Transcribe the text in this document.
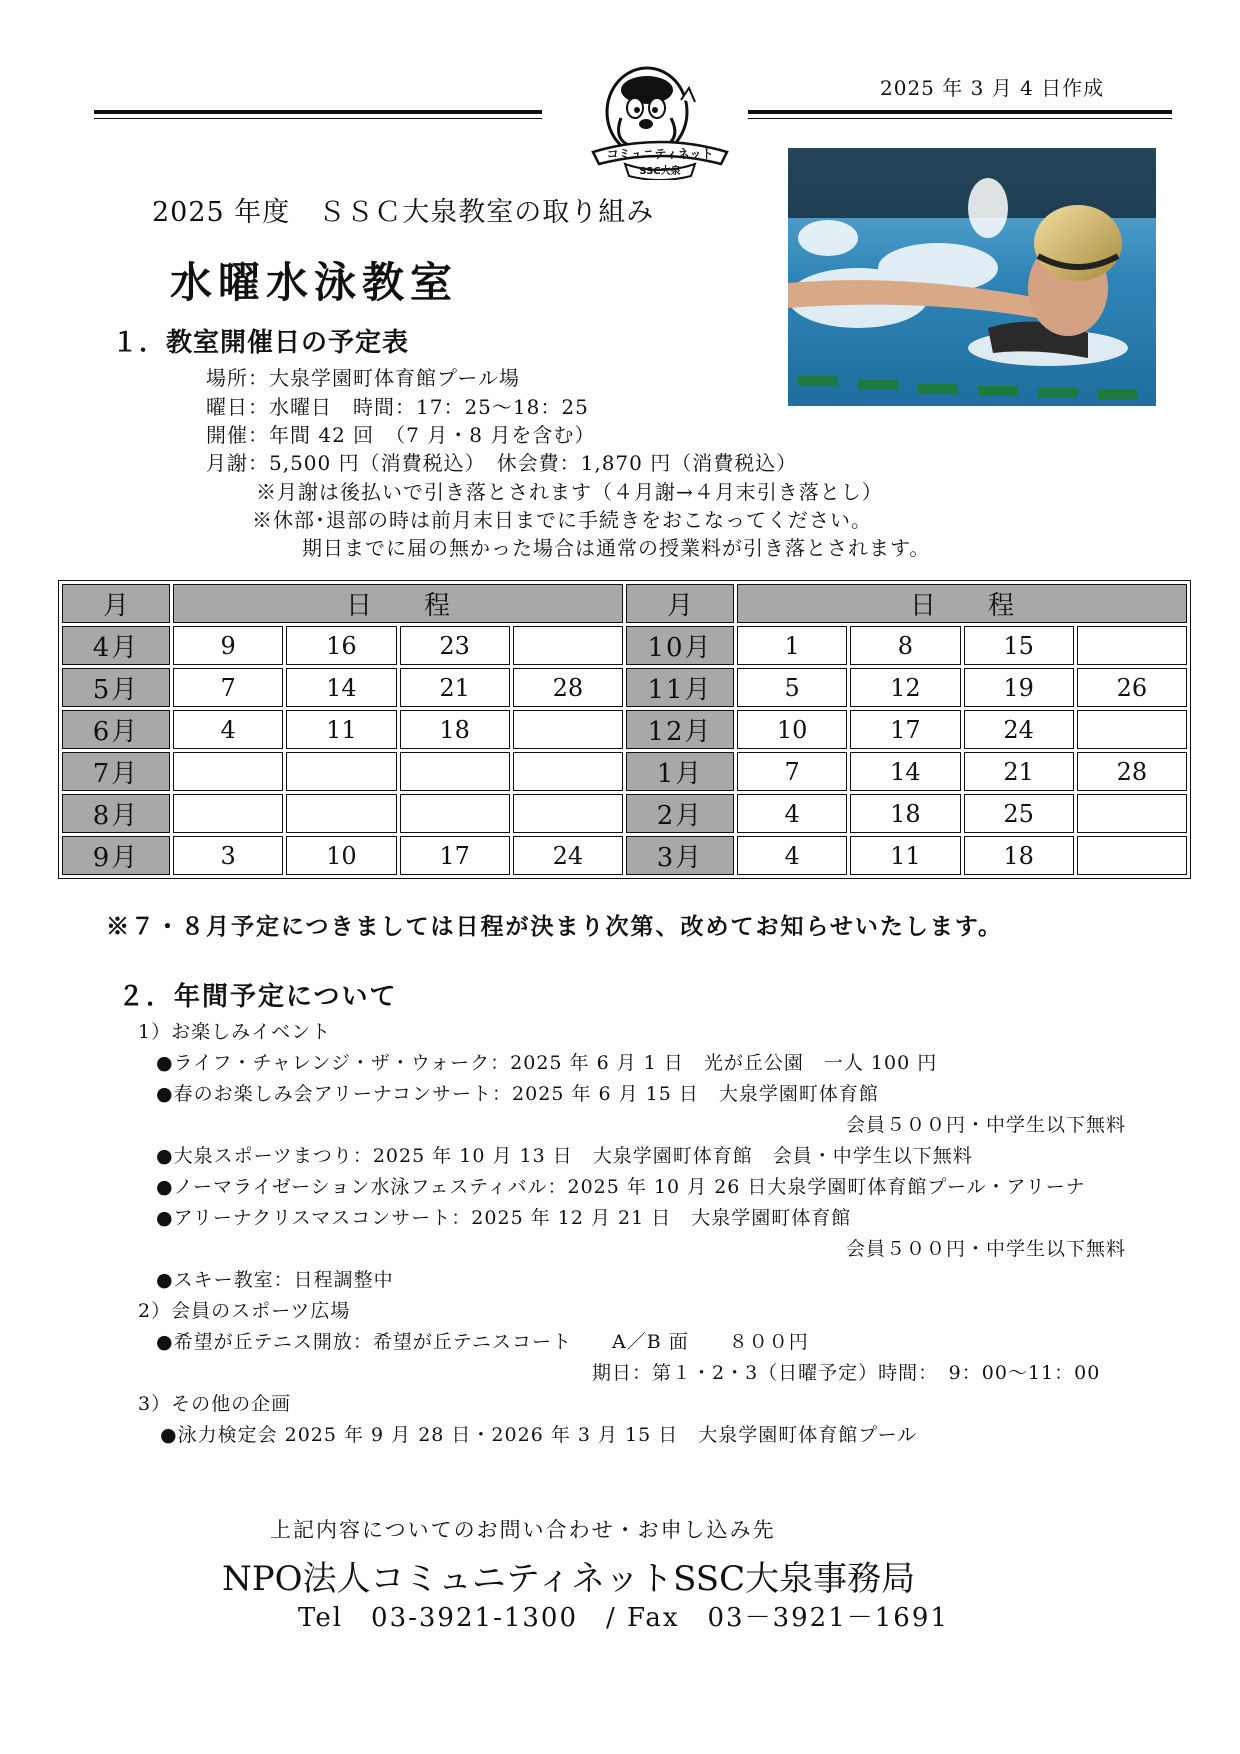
2025 年 3 月 4 日作成
コミュニティネット
SSC大泉
2025 年度　ＳＳＣ大泉教室の取り組み
水曜水泳教室
１．教室開催日の予定表
場所：大泉学園町体育館プール場
曜日：水曜日　時間：17：25～18：25
開催：年間 42 回　（7 月・8 月を含む）
月謝：5,500 円（消費税込）　休会費：1,870 円（消費税込）
※月謝は後払いで引き落とされます（４月謝→４月末引き落とし）
※休部･退部の時は前月末日までに手続きをおこなってください。
期日までに届の無かった場合は通常の授業料が引き落とされます。
月	日　　程				月	日　　程			
4月	9	16	23		10月	1	8	15	
5月	7	14	21	28	11月	5	12	19	26
6月	4	11	18		12月	10	17	24	
7月					1月	7	14	21	28
8月					2月	4	18	25	
9月	3	10	17	24	3月	4	11	18	
※７・８月予定につきましては日程が決まり次第、改めてお知らせいたします。
２．年間予定について
1）お楽しみイベント
●ライフ・チャレンジ・ザ・ウォーク：2025 年 6 月 1 日　光が丘公園　一人 100 円
●春のお楽しみ会アリーナコンサート：2025 年 6 月 15 日　大泉学園町体育館
会員５００円・中学生以下無料
●大泉スポーツまつり：2025 年 10 月 13 日　大泉学園町体育館　会員・中学生以下無料
●ノーマライゼーション水泳フェスティバル：2025 年 10 月 26 日大泉学園町体育館プール・アリーナ
●アリーナクリスマスコンサート：2025 年 12 月 21 日　大泉学園町体育館
会員５００円・中学生以下無料
●スキー教室：日程調整中
2）会員のスポーツ広場
●希望が丘テニス開放：希望が丘テニスコート　　A／B 面　　８００円
期日：第１・2・3（日曜予定）時間：　9：00～11：00
3）その他の企画
●泳力検定会 2025 年 9 月 28 日・2026 年 3 月 15 日　大泉学園町体育館プール
上記内容についてのお問い合わせ・お申し込み先
NPO法人コミュニティネットSSC大泉事務局
Tel　03-3921-1300　/ Fax　03－3921－1691
